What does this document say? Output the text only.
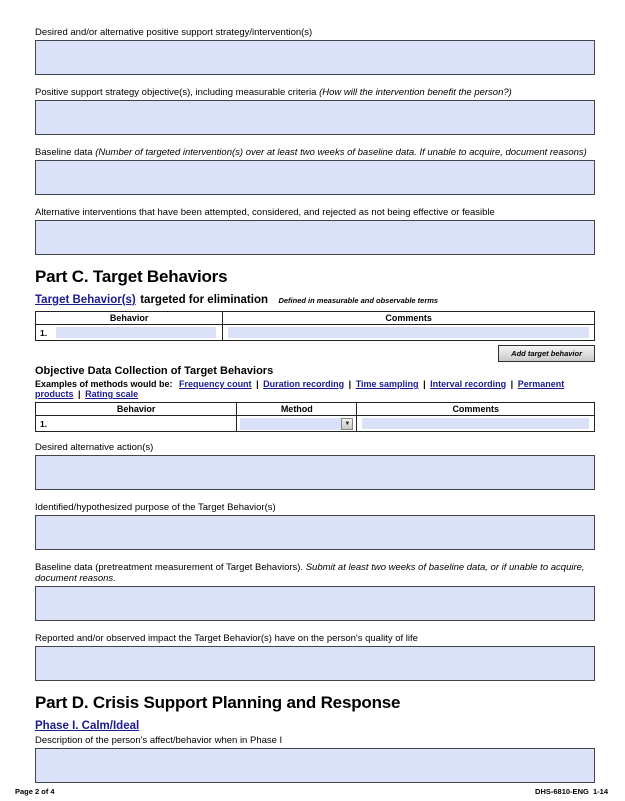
Desired and/or alternative positive support strategy/intervention(s)
Positive support strategy objective(s), including measurable criteria (How will the intervention benefit the person?)
Baseline data (Number of targeted intervention(s) over at least two weeks of baseline data. If unable to acquire, document reasons)
Alternative interventions that have been attempted, considered, and rejected as not being effective or feasible
Part C. Target Behaviors
Target Behavior(s) targeted for elimination Defined in measurable and observable terms
Behavior	Comments

1.	

Add target behavior
Objective Data Collection of Target Behaviors
Examples of methods would be: Frequency count | Duration recording | Time sampling | Interval recording | Permanent products | Rating scale
Behavior	Method	Comments

1.	▼	

Desired alternative action(s)
Identified/hypothesized purpose of the Target Behavior(s)
Baseline data (pretreatment measurement of Target Behaviors). Submit at least two weeks of baseline data, or if unable to acquire, document reasons.
Reported and/or observed impact the Target Behavior(s) have on the person's quality of life
Part D. Crisis Support Planning and Response
Phase I. Calm/Ideal
Description of the person's affect/behavior when in Phase I
Page 2 of 4	DHS-6810-ENG  1-14
